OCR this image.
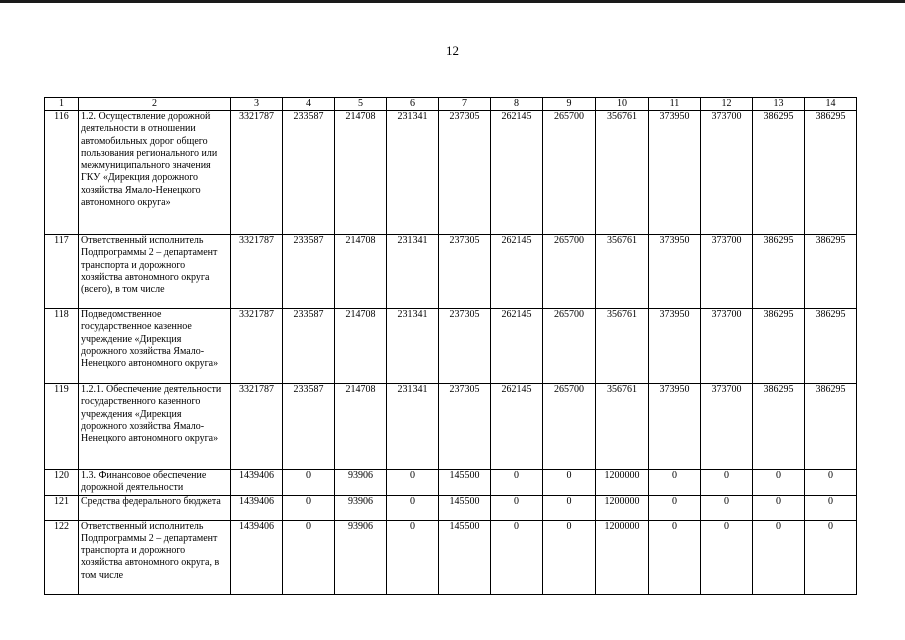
12
1	2	3	4	5	6	7	8	9	10	11	12	13	14
116	1.2. Осуществление дорожной деятельности в отношении автомобильных дорог общего пользования регионального или межмуниципального значения ГКУ «Дирекция дорожного хозяйства Ямало-Ненецкого автономного округа»	3321787	233587	214708	231341	237305	262145	265700	356761	373950	373700	386295	386295
117	Ответственный исполнитель Подпрограммы 2 – департамент транспорта и дорожного хозяйства автономного округа (всего), в том числе	3321787	233587	214708	231341	237305	262145	265700	356761	373950	373700	386295	386295
118	Подведомственное государственное казенное учреждение «Дирекция дорожного хозяйства Ямало-Ненецкого автономного округа»	3321787	233587	214708	231341	237305	262145	265700	356761	373950	373700	386295	386295
119	1.2.1. Обеспечение деятельности государственного казенного учреждения «Дирекция дорожного хозяйства Ямало-Ненецкого автономного округа»	3321787	233587	214708	231341	237305	262145	265700	356761	373950	373700	386295	386295
120	1.3. Финансовое обеспечение дорожной деятельности	1439406	0	93906	0	145500	0	0	1200000	0	0	0	0
121	Средства федерального бюджета	1439406	0	93906	0	145500	0	0	1200000	0	0	0	0
122	Ответственный исполнитель Подпрограммы 2 – департамент транспорта и дорожного хозяйства автономного округа, в том числе	1439406	0	93906	0	145500	0	0	1200000	0	0	0	0
